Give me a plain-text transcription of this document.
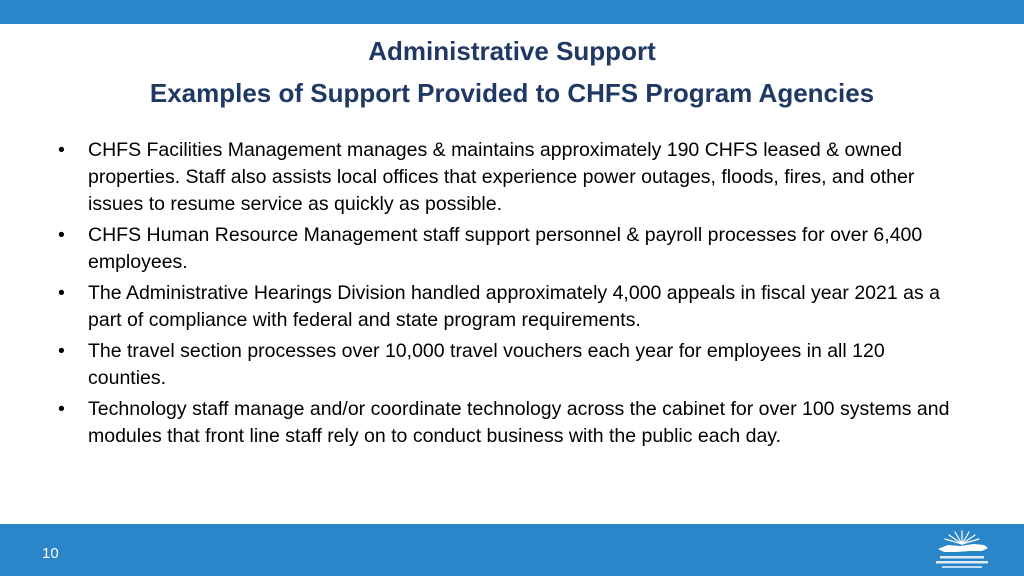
Administrative Support
Examples of Support Provided to CHFS Program Agencies
•	CHFS Facilities Management manages & maintains approximately 190 CHFS leased & owned properties. Staff also assists local offices that experience power outages, floods, fires, and other issues to resume service as quickly as possible.
•	CHFS Human Resource Management staff support personnel & payroll processes for over 6,400 employees.
•	The Administrative Hearings Division handled approximately 4,000 appeals in fiscal year 2021 as a part of compliance with federal and state program requirements.
•	The travel section processes over 10,000 travel vouchers each year for employees in all 120 counties.
•	Technology staff manage and/or coordinate technology across the cabinet for over 100 systems and modules that front line staff rely on to conduct business with the public each day.
10
